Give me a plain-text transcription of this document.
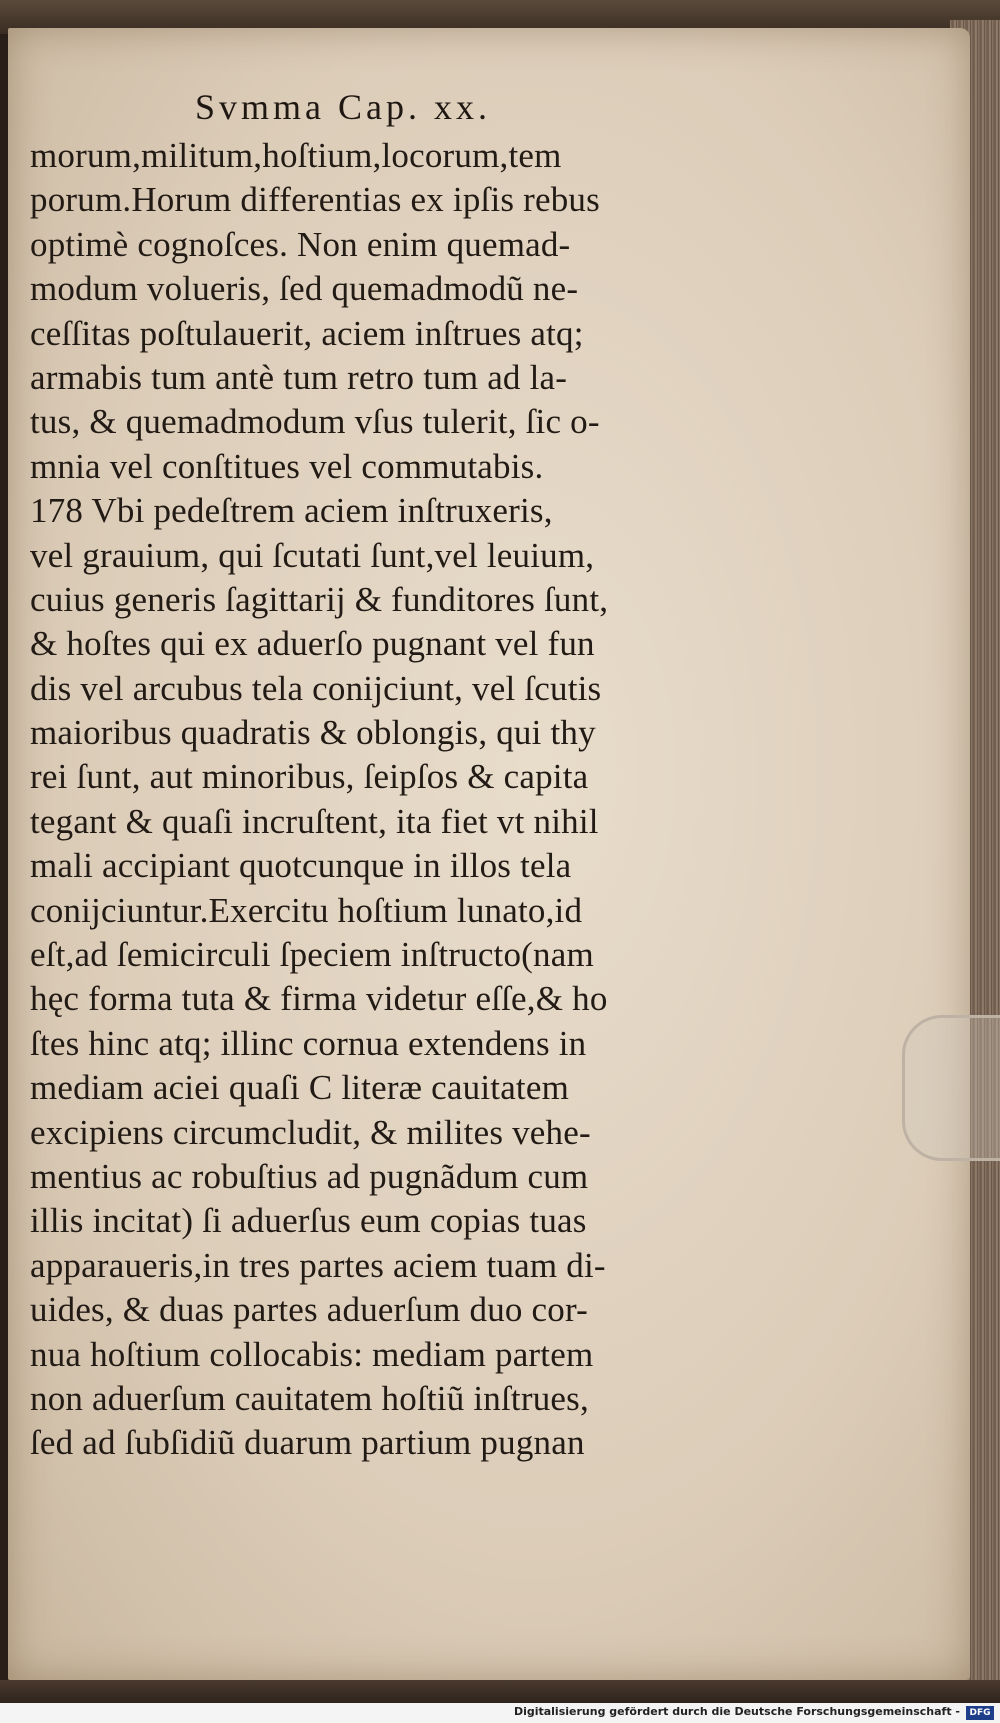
Svmma Cap. xx.
morum,militum,hoſtium,locorum,tem
porum.Horum differentias ex ipſis rebus
optimè cognoſces. Non enim quemad-
modum volueris, ſed quemadmodũ ne-
ceſſitas poſtulauerit, aciem inſtrues atq;
armabis tum antè tum retro tum ad la-
tus, & quemadmodum vſus tulerit, ſic o-
mnia vel conſtitues vel commutabis.
178 Vbi pedeſtrem aciem inſtruxeris,
vel grauium, qui ſcutati ſunt,vel leuium,
cuius generis ſagittarij & funditores ſunt,
& hoſtes qui ex aduerſo pugnant vel fun
dis vel arcubus tela conijciunt, vel ſcutis
maioribus quadratis & oblongis, qui thy
rei ſunt, aut minoribus, ſeipſos & capita
tegant & quaſi incruſtent, ita fiet vt nihil
mali accipiant quotcunque in illos tela
conijciuntur.Exercitu hoſtium lunato,id
eſt,ad ſemicirculi ſpeciem inſtructo(nam
hęc forma tuta & firma videtur eſſe,& ho
ſtes hinc atq; illinc cornua extendens in
mediam aciei quaſi C literæ cauitatem
excipiens circumcludit, & milites vehe-
mentius ac robuſtius ad pugnãdum cum
illis incitat) ſi aduerſus eum copias tuas
apparaueris,in tres partes aciem tuam di-
uides, & duas partes aduerſum duo cor-
nua hoſtium collocabis: mediam partem
non aduerſum cauitatem hoſtiũ inſtrues,
ſed ad ſubſidiũ duarum partium pugnan
Digitalisierung gefördert durch die Deutsche Forschungsgemeinschaft -	DFG
